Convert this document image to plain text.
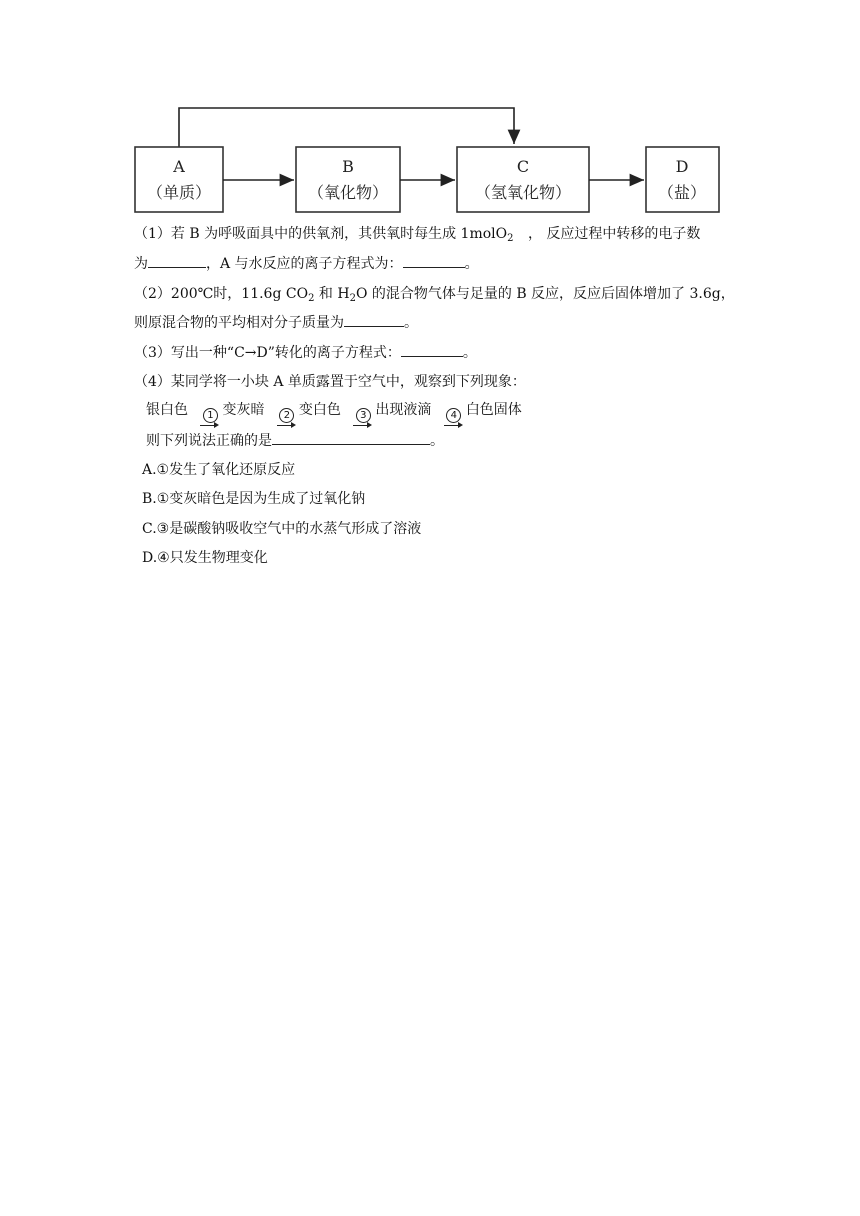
A
（单质）
B
（氧化物）
C
（氢氧化物）
D
（盐）
（1）若 B 为呼吸面具中的供氧剂，其供氧时每生成 1molO$_2$ ， 反应过程中转移的电子数
为	，A 与水反应的离子方程式为：	。
（2）200℃时，11.6g $CO_2$ 和 $H_2O$ 的混合物气体与足量的 B 反应，反应后固体增加了 3.6g，
则原混合物的平均相对分子质量为	。
（3）写出一种“C→D”转化的离子方程式：	。
（4）某同学将一小块 A 单质露置于空气中，观察到下列现象：
银白色	1 变灰暗	2 变白色	3 出现液滴	4 白色固体
则下列说法正确的是	。
A.①发生了氧化还原反应
B.①变灰暗色是因为生成了过氧化钠
C.③是碳酸钠吸收空气中的水蒸气形成了溶液
D.④只发生物理变化
